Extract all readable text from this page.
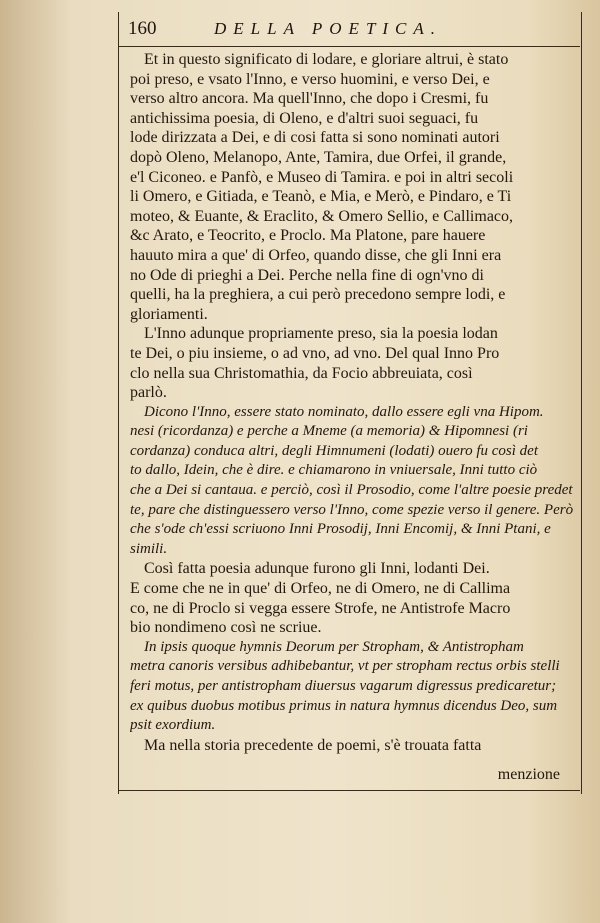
160	DELLA POETICA.
Et in questo significato di lodare, e gloriare altrui, è stato
poi preso, e vsato l'Inno, e verso huomini, e verso Dei, e
verso altro ancora. Ma quell'Inno, che dopo i Cresmi, fu
antichissima poesia, di Oleno, e d'altri suoi seguaci, fu
lode dirizzata a Dei, e di cosi fatta si sono nominati autori
dopò Oleno, Melanopo, Ante, Tamira, due Orfei, il grande,
e'l Ciconeo. e Panfò, e Museo di Tamira. e poi in altri secoli
li Omero, e Gitiada, e Teanò, e Mia, e Merò, e Pindaro, e Ti
moteo, & Euante, & Eraclito, & Omero Sellio, e Callimaco,
&c Arato, e Teocrito, e Proclo. Ma Platone, pare hauere
hauuto mira a que' di Orfeo, quando disse, che gli Inni era
no Ode di prieghi a Dei. Perche nella fine di ogn'vno di
quelli, ha la preghiera, a cui però precedono sempre lodi, e
gloriamenti.
L'Inno adunque propriamente preso, sia la poesia lodan
te Dei, o piu insieme, o ad vno, ad vno. Del qual Inno Pro
clo nella sua Christomathia, da Focio abbreuiata, così
parlò.
Dicono l'Inno, essere stato nominato, dallo essere egli vna Hipom.
nesi (ricordanza) e perche a Mneme (a memoria) & Hipomnesi (ri
cordanza) conduca altri, degli Himnumeni (lodati) ouero fu così det
to dallo, Idein, che è dire. e chiamarono in vniuersale, Inni tutto ciò
che a Dei si cantaua. e perciò, così il Prosodio, come l'altre poesie predet
te, pare che distinguessero verso l'Inno, come spezie verso il genere. Però
che s'ode ch'essi scriuono Inni Prosodij, Inni Encomij, & Inni Ptani, e
simili.
Così fatta poesia adunque furono gli Inni, lodanti Dei.
E come che ne in que' di Orfeo, ne di Omero, ne di Callima
co, ne di Proclo si vegga essere Strofe, ne Antistrofe Macro
bio nondimeno così ne scriue.
In ipsis quoque hymnis Deorum per Stropham, & Antistropham
metra canoris versibus adhibebantur, vt per stropham rectus orbis stelli
feri motus, per antistropham diuersus vagarum digressus predicaretur;
ex quibus duobus motibus primus in natura hymnus dicendus Deo, sum
psit exordium.
Ma nella storia precedente de poemi, s'è trouata fatta
menzione
